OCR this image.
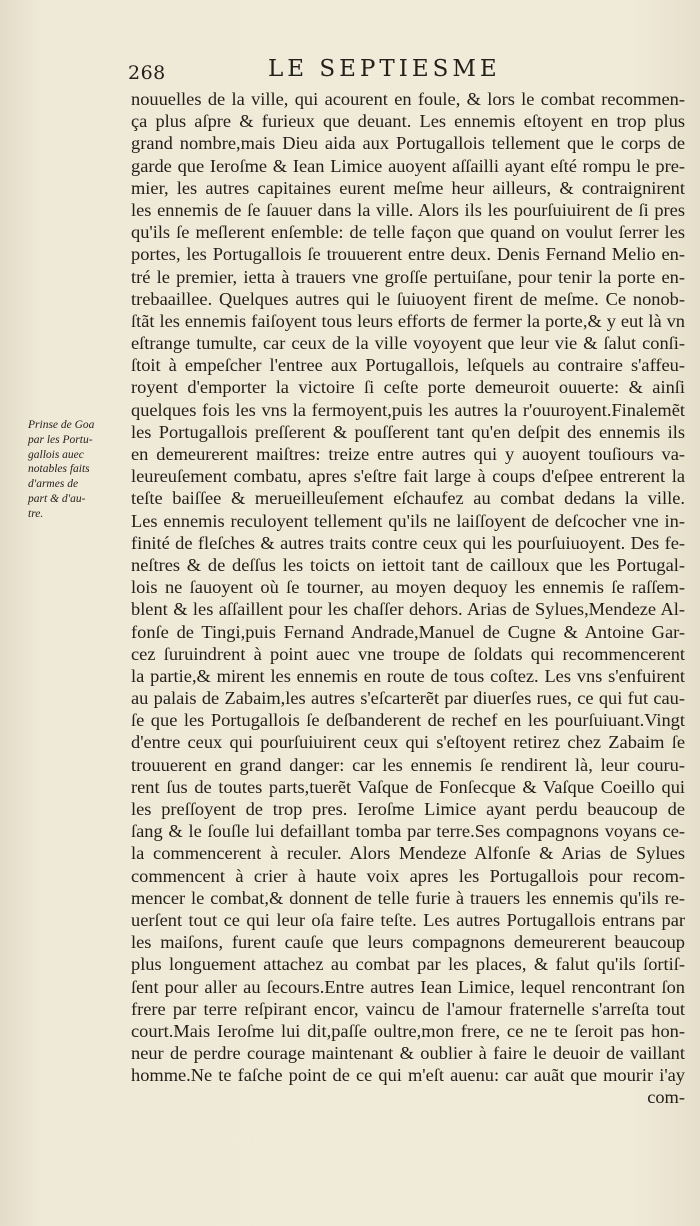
268	LE SEPTIESME
Prinse de Goa
par les Portu-
gallois auec
notables faits
d'armes de
part & d'au-
tre.
nouuelles de la ville, qui acourent en foule, & lors le combat recommen-
ça plus aſpre & furieux que deuant. Les ennemis eſtoyent en trop plus
grand nombre,mais Dieu aida aux Portugallois tellement que le corps de
garde que Ieroſme & Iean Limice auoyent aſſailli ayant eſté rompu le pre-
mier, les autres capitaines eurent meſme heur ailleurs, & contraignirent
les ennemis de ſe ſauuer dans la ville. Alors ils les pourſuiuirent de ſi pres
qu'ils ſe meſlerent enſemble: de telle façon que quand on voulut ſerrer les
portes, les Portugallois ſe trouuerent entre deux. Denis Fernand Melio en-
tré le premier, ietta à trauers vne groſſe pertuiſane, pour tenir la porte en-
trebaaillee. Quelques autres qui le ſuiuoyent firent de meſme. Ce nonob-
ſtãt les ennemis faiſoyent tous leurs efforts de fermer la porte,& y eut là vn
eſtrange tumulte, car ceux de la ville voyoyent que leur vie & ſalut conſi-
ſtoit à empeſcher l'entree aux Portugallois, leſquels au contraire s'affeu-
royent d'emporter la victoire ſi ceſte porte demeuroit ouuerte: & ainſi
quelques fois les vns la fermoyent,puis les autres la r'ouuroyent.Finalemẽt
les Portugallois preſſerent & pouſſerent tant qu'en deſpit des ennemis ils
en demeurerent maiſtres: treize entre autres qui y auoyent touſiours va-
leureuſement combatu, apres s'eſtre fait large à coups d'eſpee entrerent la
teſte baiſſee & merueilleuſement eſchaufez au combat dedans la ville.
Les ennemis reculoyent tellement qu'ils ne laiſſoyent de deſcocher vne in-
finité de fleſches & autres traits contre ceux qui les pourſuiuoyent. Des fe-
neſtres & de deſſus les toicts on iettoit tant de cailloux que les Portugal-
lois ne ſauoyent où ſe tourner, au moyen dequoy les ennemis ſe raſſem-
blent & les aſſaillent pour les chaſſer dehors. Arias de Sylues,Mendeze Al-
fonſe de Tingi,puis Fernand Andrade,Manuel de Cugne & Antoine Gar-
cez ſuruindrent à point auec vne troupe de ſoldats qui recommencerent
la partie,& mirent les ennemis en route de tous coſtez. Les vns s'enfuirent
au palais de Zabaim,les autres s'eſcarterẽt par diuerſes rues, ce qui fut cau-
ſe que les Portugallois ſe deſbanderent de rechef en les pourſuiuant.Vingt
d'entre ceux qui pourſuiuirent ceux qui s'eſtoyent retirez chez Zabaim ſe
trouuerent en grand danger: car les ennemis ſe rendirent là, leur couru-
rent ſus de toutes parts,tuerẽt Vaſque de Fonſecque & Vaſque Coeillo qui
les preſſoyent de trop pres. Ieroſme Limice ayant perdu beaucoup de
ſang & le ſouſle lui defaillant tomba par terre.Ses compagnons voyans ce-
la commencerent à reculer. Alors Mendeze Alfonſe & Arias de Sylues
commencent à crier à haute voix apres les Portugallois pour recom-
mencer le combat,& donnent de telle furie à trauers les ennemis qu'ils re-
uerſent tout ce qui leur oſa faire teſte. Les autres Portugallois entrans par
les maiſons, furent cauſe que leurs compagnons demeurerent beaucoup
plus longuement attachez au combat par les places, & falut qu'ils ſortiſ-
ſent pour aller au ſecours.Entre autres Iean Limice, lequel rencontrant ſon
frere par terre reſpirant encor, vaincu de l'amour fraternelle s'arreſta tout
court.Mais Ieroſme lui dit,paſſe oultre,mon frere, ce ne te ſeroit pas hon-
neur de perdre courage maintenant & oublier à faire le deuoir de vaillant
homme.Ne te faſche point de ce qui m'eſt auenu: car auãt que mourir i'ay
com-
